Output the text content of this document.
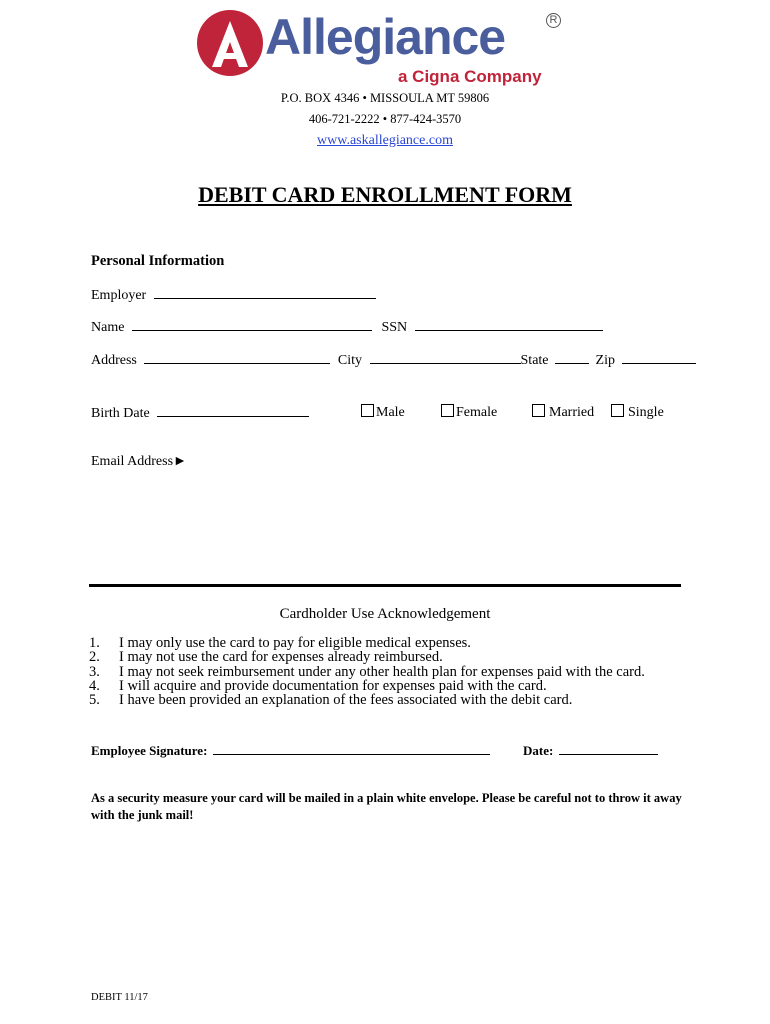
Allegiance	R
a Cigna Company
P.O. BOX 4346 • MISSOULA MT 59806
406-721-2222 • 877-424-3570
www.askallegiance.com
DEBIT CARD ENROLLMENT FORM
Personal Information
Employer
Name	SSN
Address	City	State	Zip
Birth Date	Male	Female	Married	Single
Email Address►
Cardholder Use Acknowledgement
1.	I may only use the card to pay for eligible medical expenses.
2.	I may not use the card for expenses already reimbursed.
3.	I may not seek reimbursement under any other health plan for expenses paid with the card.
4.	I will acquire and provide documentation for expenses paid with the card.
5.	I have been provided an explanation of the fees associated with the debit card.
Employee Signature:	Date:
As a security measure your card will be mailed in a plain white envelope. Please be careful not to throw it away with the junk mail!
DEBIT 11/17
